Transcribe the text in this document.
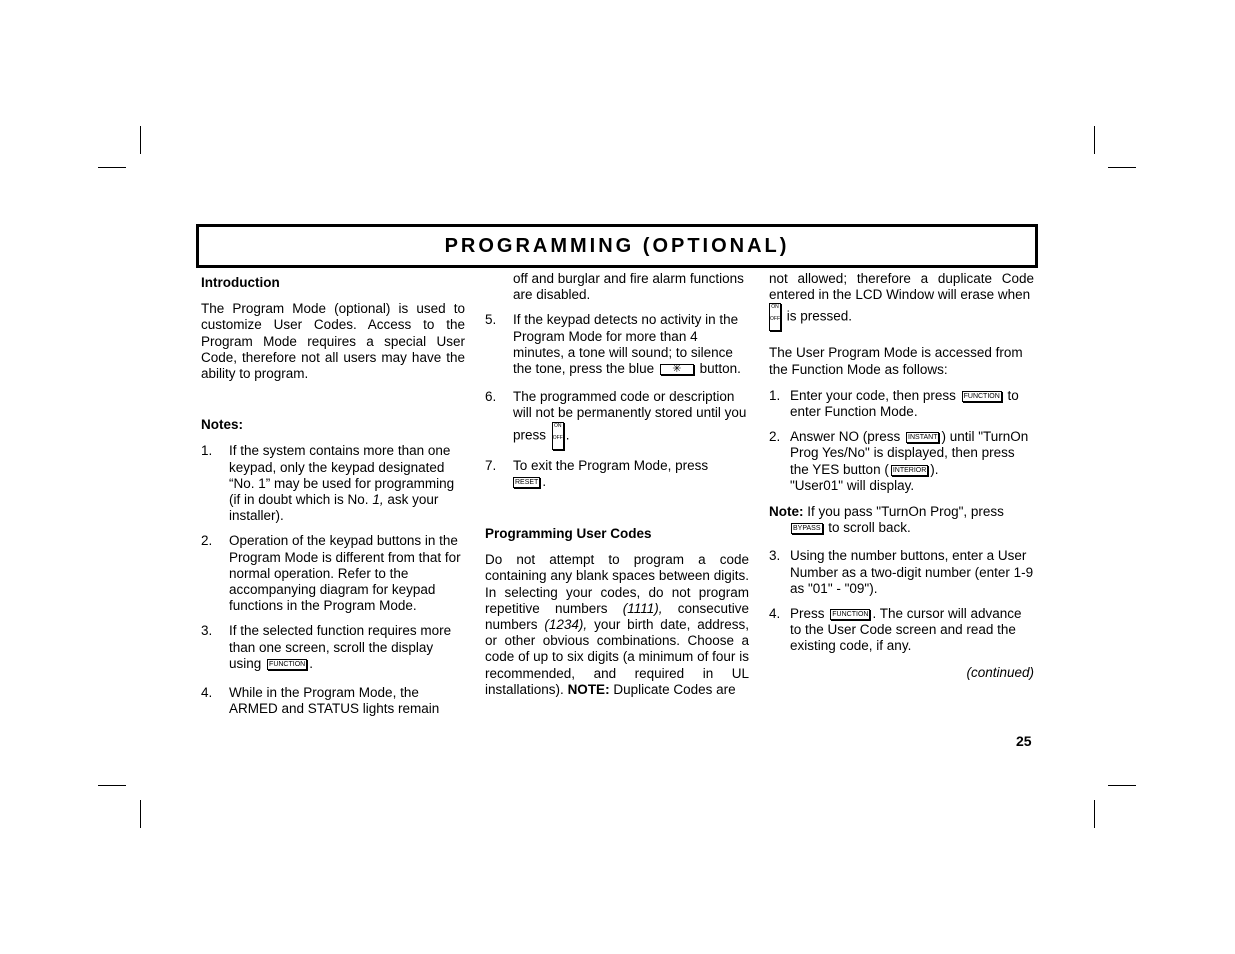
PROGRAMMING (OPTIONAL)

Introduction

The Program Mode (optional) is used to customize User Codes. Access to the Program Mode requires a special User Code, therefore not all users may have the ability to program.

Notes:

1. If the system contains more than one keypad, only the keypad designated “No. 1” may be used for programming (if in doubt which is No. 1, ask your installer).
2. Operation of the keypad buttons in the Program Mode is different from that for normal operation. Refer to the accompanying diagram for keypad functions in the Program Mode.
3. If the selected function requires more than one screen, scroll the display using FUNCTION .
4. While in the Program Mode, the ARMED and STATUS lights remain
off and burglar and fire alarm functions are disabled.
5. If the keypad detects no activity in the Program Mode for more than 4 minutes, a tone will sound; to silence the tone, press the blue ✳ button.
6. The programmed code or description will not be permanently stored until you press ON

OFF .
7. To exit the Program Mode, press
RESET .

Programming User Codes

Do not attempt to program a code containing any blank spaces between digits. In selecting your codes, do not program repetitive numbers (1111), consecutive numbers (1234), your birth date, address, or other obvious combinations. Choose a code of up to six digits (a minimum of four is recommended, and required in UL installations). NOTE: Duplicate Codes are

not allowed; therefore a duplicate Code entered in the LCD Window will erase when

ON

OFF is pressed.

The User Program Mode is accessed from the Function Mode as follows:

1. Enter your code, then press FUNCTION to enter Function Mode.
2. Answer NO (press INSTANT ) until "TurnOn Prog Yes/No" is displayed, then press the YES button ( INTERIOR ).
"User01" will display.

Note: If you pass "TurnOn Prog", press
BYPASS to scroll back.

3. Using the number buttons, enter a User Number as a two-digit number (enter 1-9 as "01" - "09").
4. Press FUNCTION . The cursor will advance to the User Code screen and read the existing code, if any.

(continued)

25
